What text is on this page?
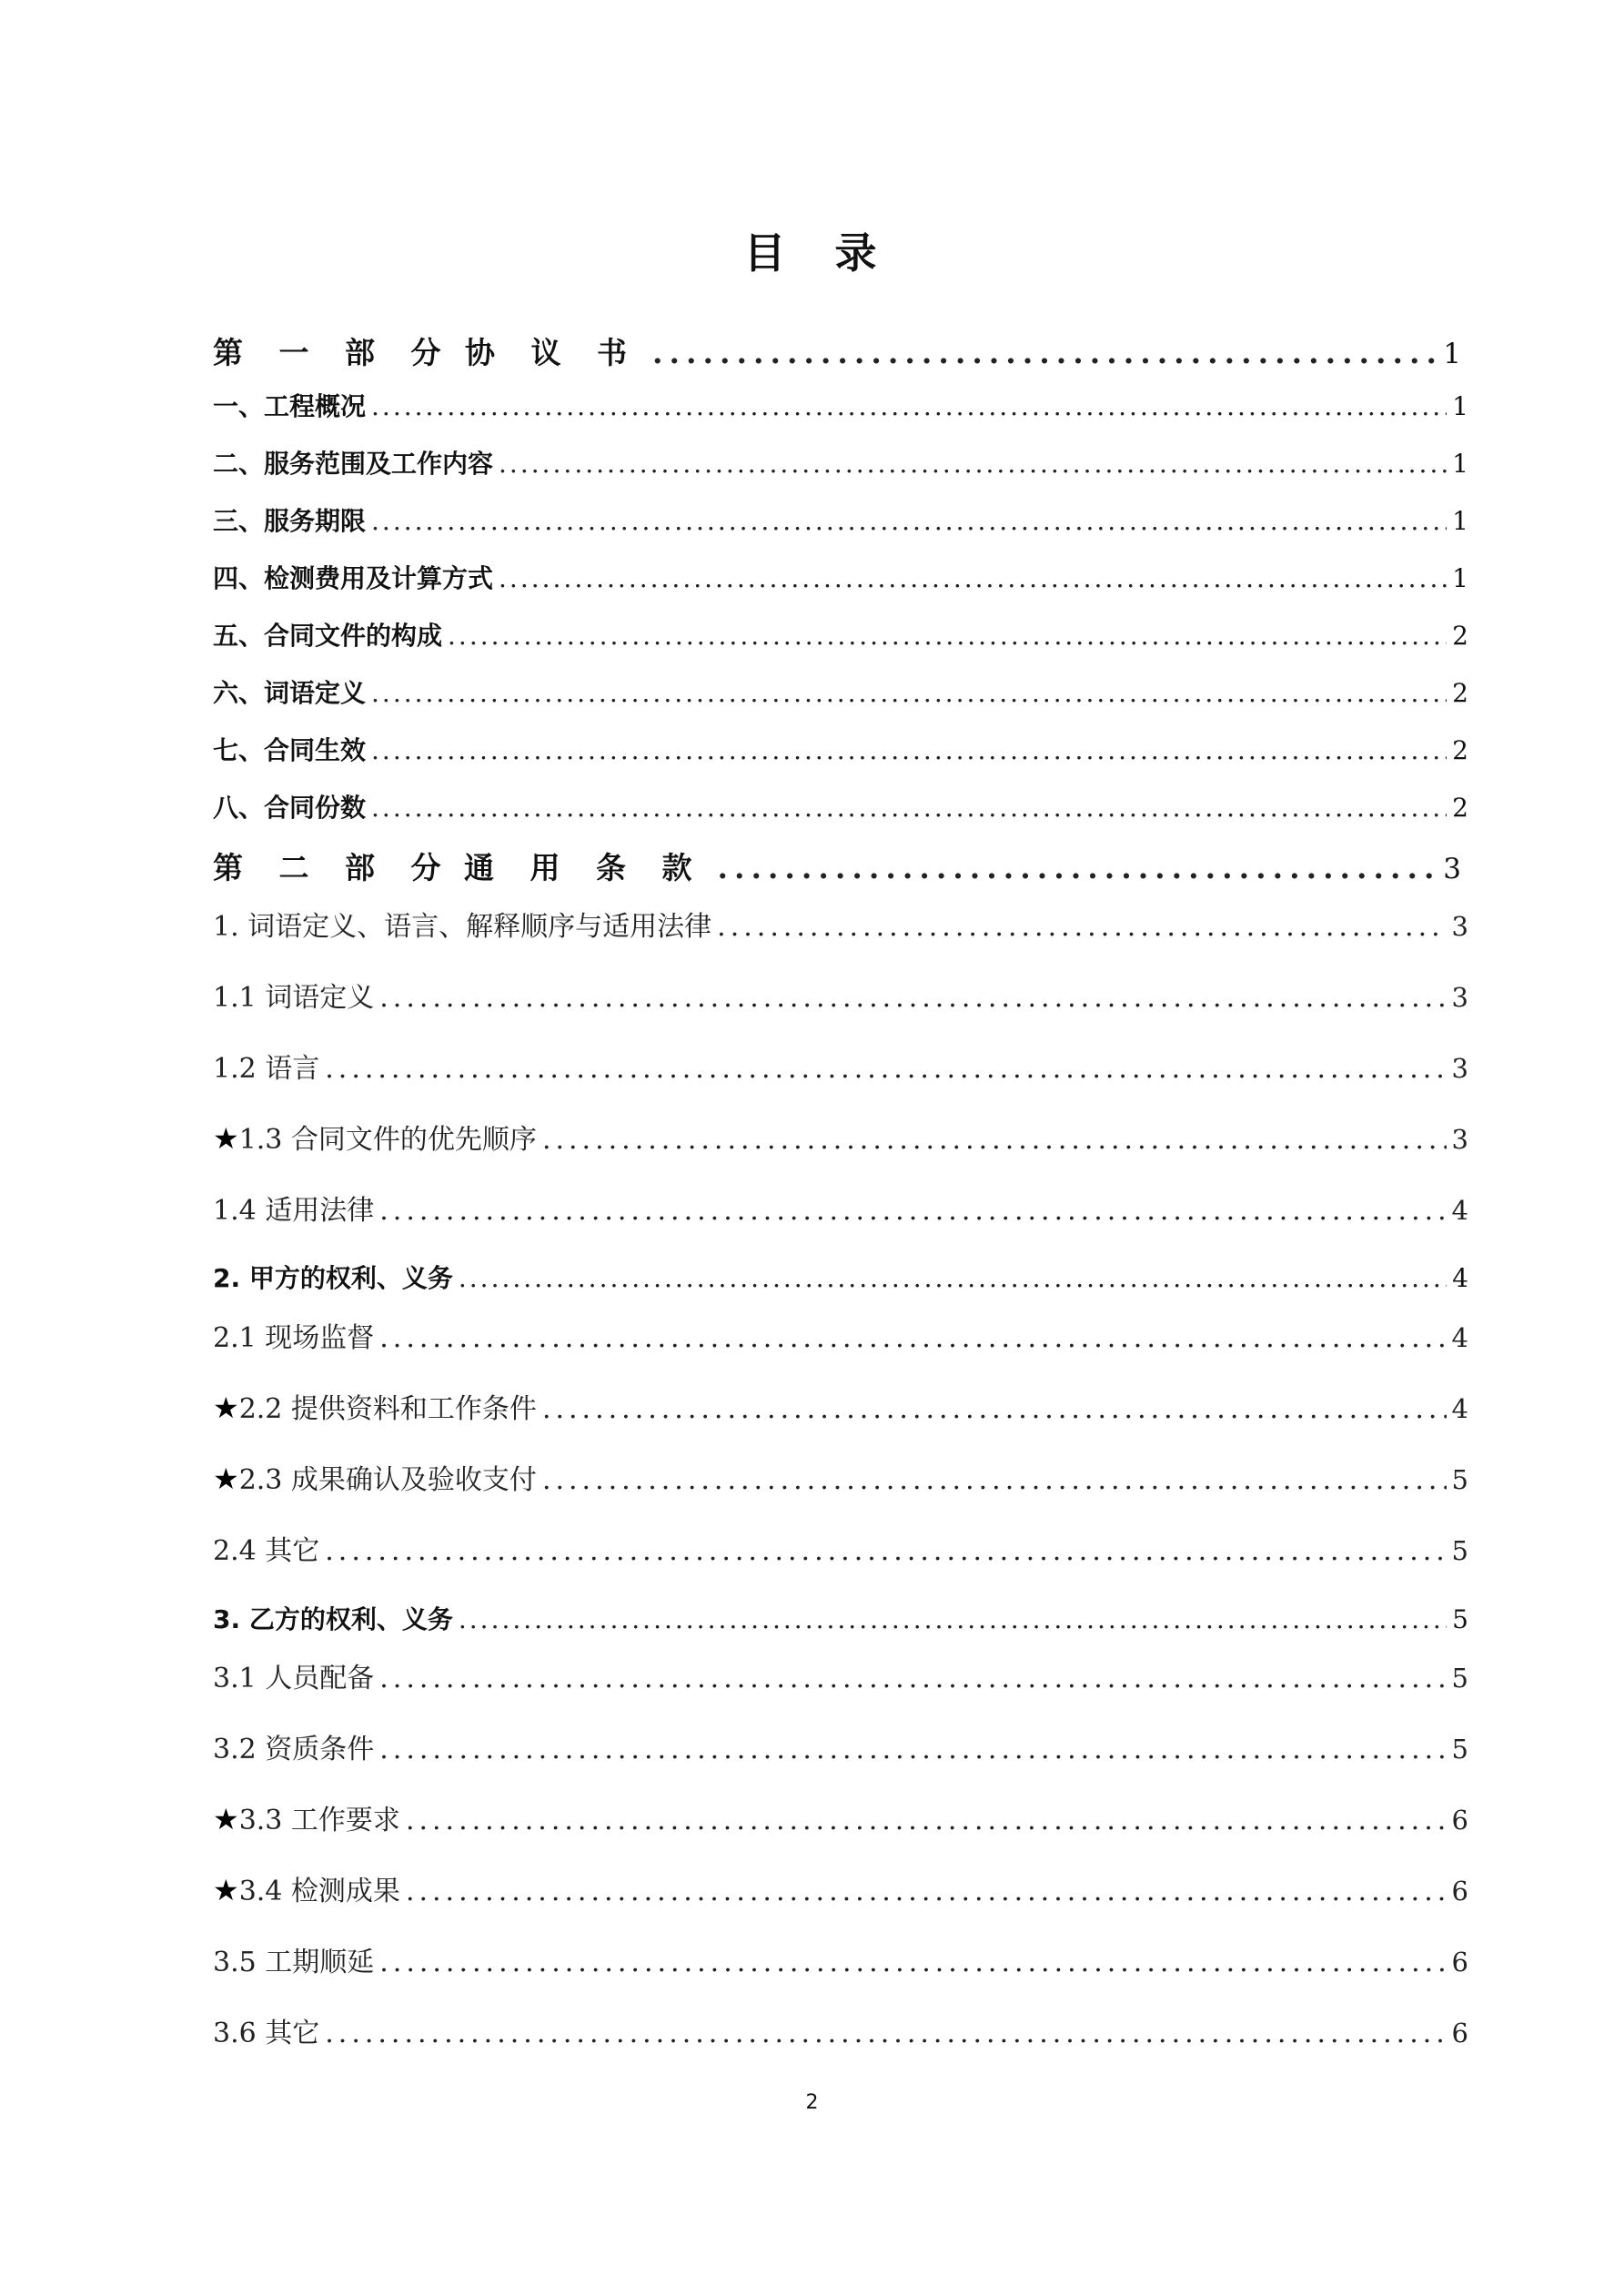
目　录
第 一 部 分 协 议 书 .....	1
一、工程概况 .....	1
二、服务范围及工作内容 .....	1
三、服务期限 .....	1
四、检测费用及计算方式 .....	1
五、合同文件的构成 .....	2
六、词语定义 .....	2
七、合同生效 .....	2
八、合同份数 .....	2
第 二 部 分 通 用 条 款 .....	3
1. 词语定义、语言、解释顺序与适用法律 .....	3
1.1 词语定义 .....	3
1.2 语言 .....	3
★1.3 合同文件的优先顺序 .....	3
1.4 适用法律 .....	4
2. 甲方的权利、义务 .....	4
2.1 现场监督 .....	4
★2.2 提供资料和工作条件 .....	4
★2.3 成果确认及验收支付 .....	5
2.4 其它 .....	5
3. 乙方的权利、义务 .....	5
3.1 人员配备 .....	5
3.2 资质条件 .....	5
★3.3 工作要求 .....	6
★3.4 检测成果 .....	6
3.5 工期顺延 .....	6
3.6 其它 .....	6
2
